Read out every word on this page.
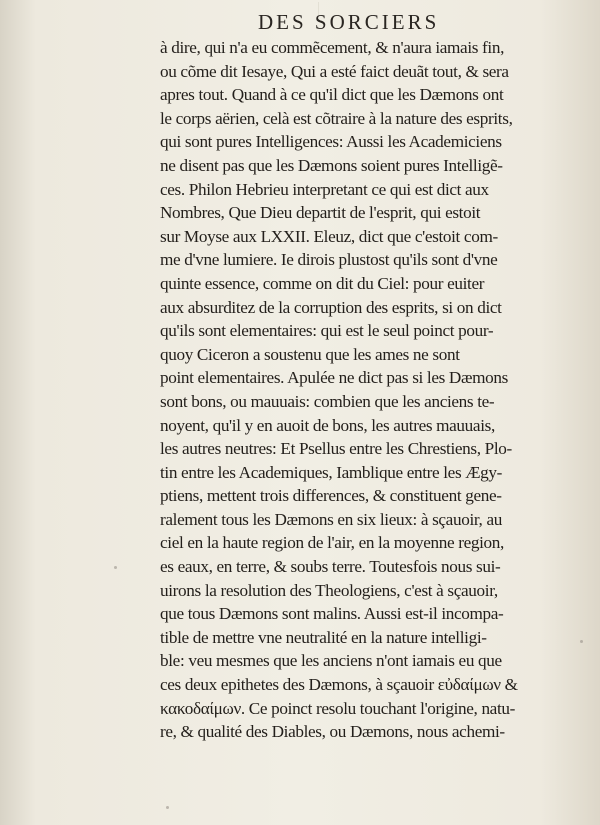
DES SORCIERS
à dire, qui n'a eu commẽcement, & n'aura iamais fin,
ou cõme dit Iesaye, Qui a esté faict deuãt tout, & sera
apres tout. Quand à ce qu'il dict que les Dæmons ont
le corps aërien, celà est cõtraire à la nature des esprits,
qui sont pures Intelligences: Aussi les Academiciens
ne disent pas que les Dæmons soient pures Intelligẽ-
ces. Philon Hebrieu interpretant ce qui est dict aux
Nombres, Que Dieu departit de l'esprit, qui estoit
sur Moyse aux LXXII. Eleuz, dict que c'estoit com-
me d'vne lumiere. Ie dirois plustost qu'ils sont d'vne
quinte essence, comme on dit du Ciel: pour euiter
aux absurditez de la corruption des esprits, si on dict
qu'ils sont elementaires: qui est le seul poinct pour-
quoy Ciceron a soustenu que les ames ne sont
point elementaires. Apulée ne dict pas si les Dæmons
sont bons, ou mauuais: combien que les anciens te-
noyent, qu'il y en auoit de bons, les autres mauuais,
les autres neutres: Et Psellus entre les Chrestiens, Plo-
tin entre les Academiques, Iamblique entre les Ægy-
ptiens, mettent trois differences, & constituent gene-
ralement tous les Dæmons en six lieux: à sçauoir, au
ciel en la haute region de l'air, en la moyenne region,
es eaux, en terre, & soubs terre. Toutesfois nous sui-
uirons la resolution des Theologiens, c'est à sçauoir,
que tous Dæmons sont malins. Aussi est-il incompa-
tible de mettre vne neutralité en la nature intelligi-
ble: veu mesmes que les anciens n'ont iamais eu que
ces deux epithetes des Dæmons, à sçauoir εὐδαίμων &
κακοδαίμων. Ce poinct resolu touchant l'origine, natu-
re, & qualité des Diables, ou Dæmons, nous achemi-
